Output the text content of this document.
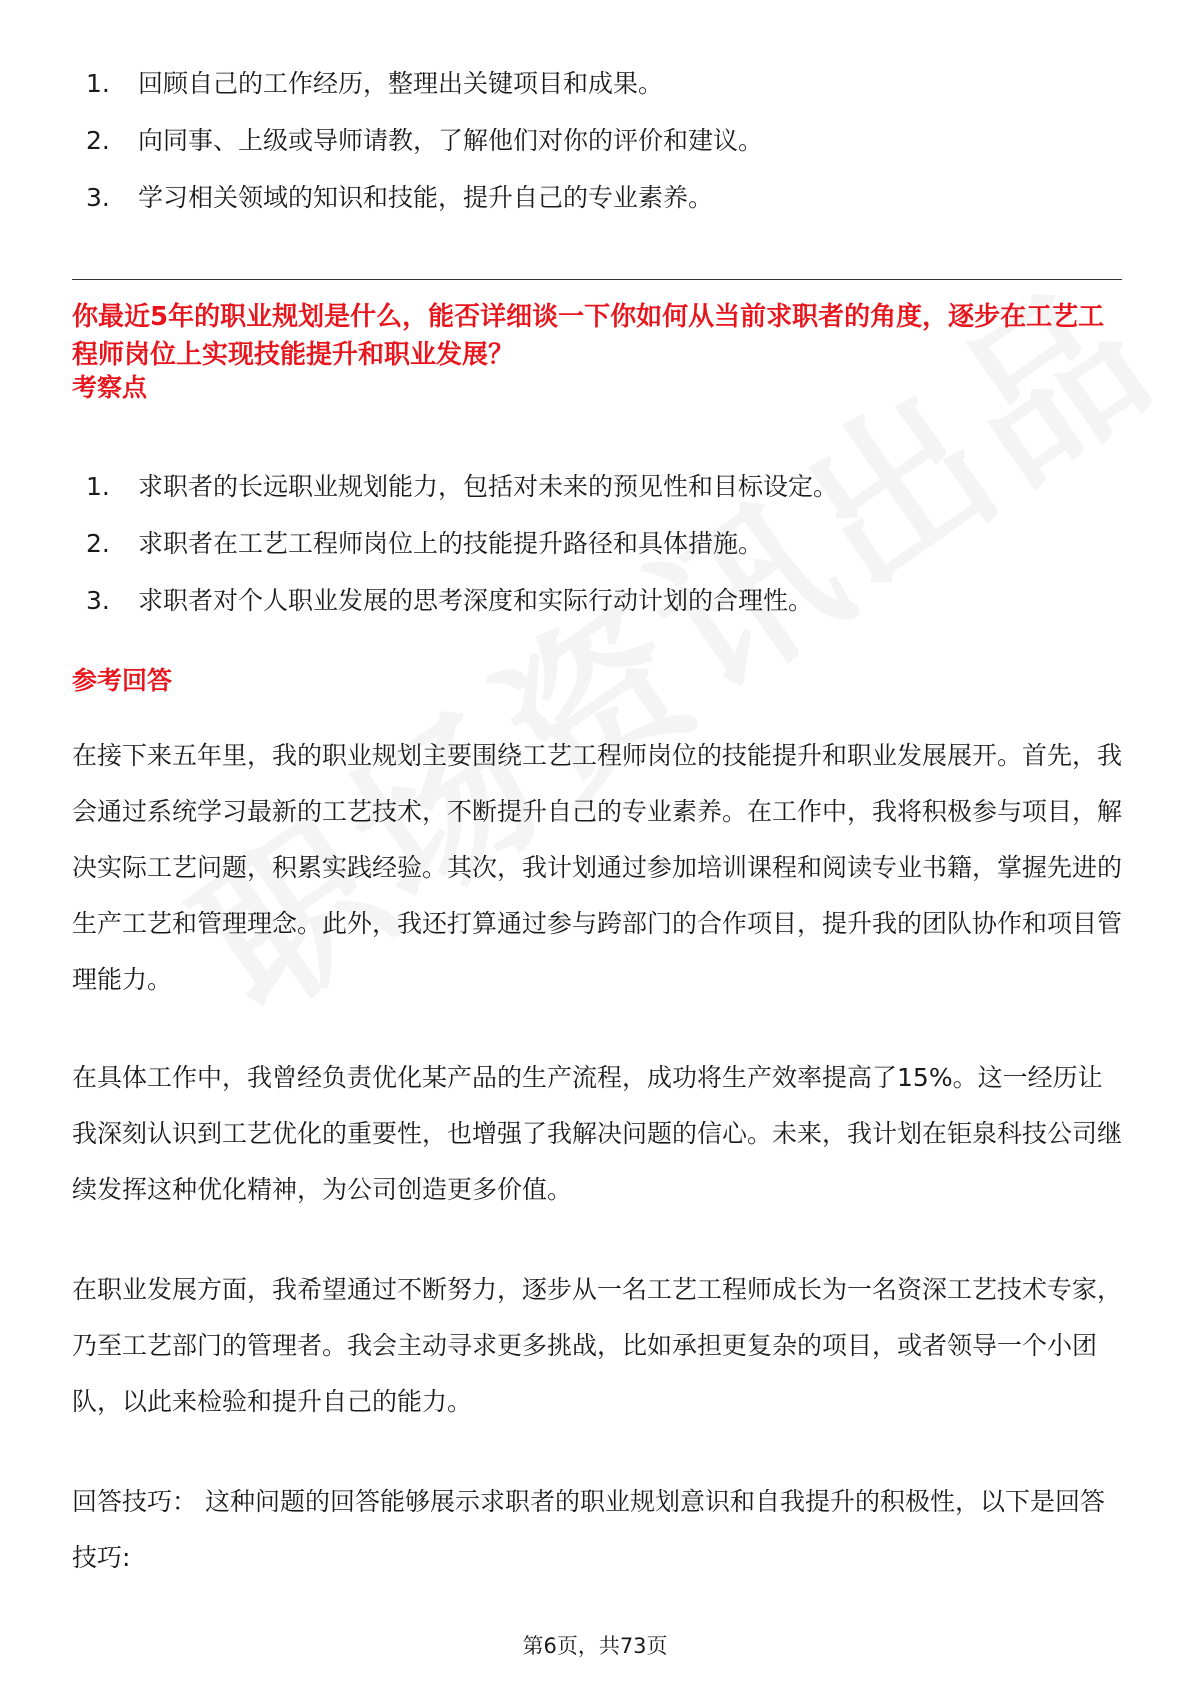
1.	回顾自己的工作经历，整理出关键项目和成果。
2.	向同事、上级或导师请教，了解他们对你的评价和建议。
3.	学习相关领域的知识和技能，提升自己的专业素养。
你最近5年的职业规划是什么，能否详细谈一下你如何从当前求职者的角度，逐步在工艺工程师岗位上实现技能提升和职业发展？
考察点
1.	求职者的长远职业规划能力，包括对未来的预见性和目标设定。
2.	求职者在工艺工程师岗位上的技能提升路径和具体措施。
3.	求职者对个人职业发展的思考深度和实际行动计划的合理性。
参考回答

在接下来五年里，我的职业规划主要围绕工艺工程师岗位的技能提升和职业发展展开。首先，我会通过系统学习最新的工艺技术，不断提升自己的专业素养。在工作中，我将积极参与项目，解决实际工艺问题，积累实践经验。其次，我计划通过参加培训课程和阅读专业书籍，掌握先进的生产工艺和管理理念。此外，我还打算通过参与跨部门的合作项目，提升我的团队协作和项目管理能力。

在具体工作中，我曾经负责优化某产品的生产流程，成功将生产效率提高了15%。这一经历让我深刻认识到工艺优化的重要性，也增强了我解决问题的信心。未来，我计划在钜泉科技公司继续发挥这种优化精神，为公司创造更多价值。

在职业发展方面，我希望通过不断努力，逐步从一名工艺工程师成长为一名资深工艺技术专家，乃至工艺部门的管理者。我会主动寻求更多挑战，比如承担更复杂的项目，或者领导一个小团队，以此来检验和提升自己的能力。

回答技巧： 这种问题的回答能够展示求职者的职业规划意识和自我提升的积极性，以下是回答技巧:

第6页，共73页
